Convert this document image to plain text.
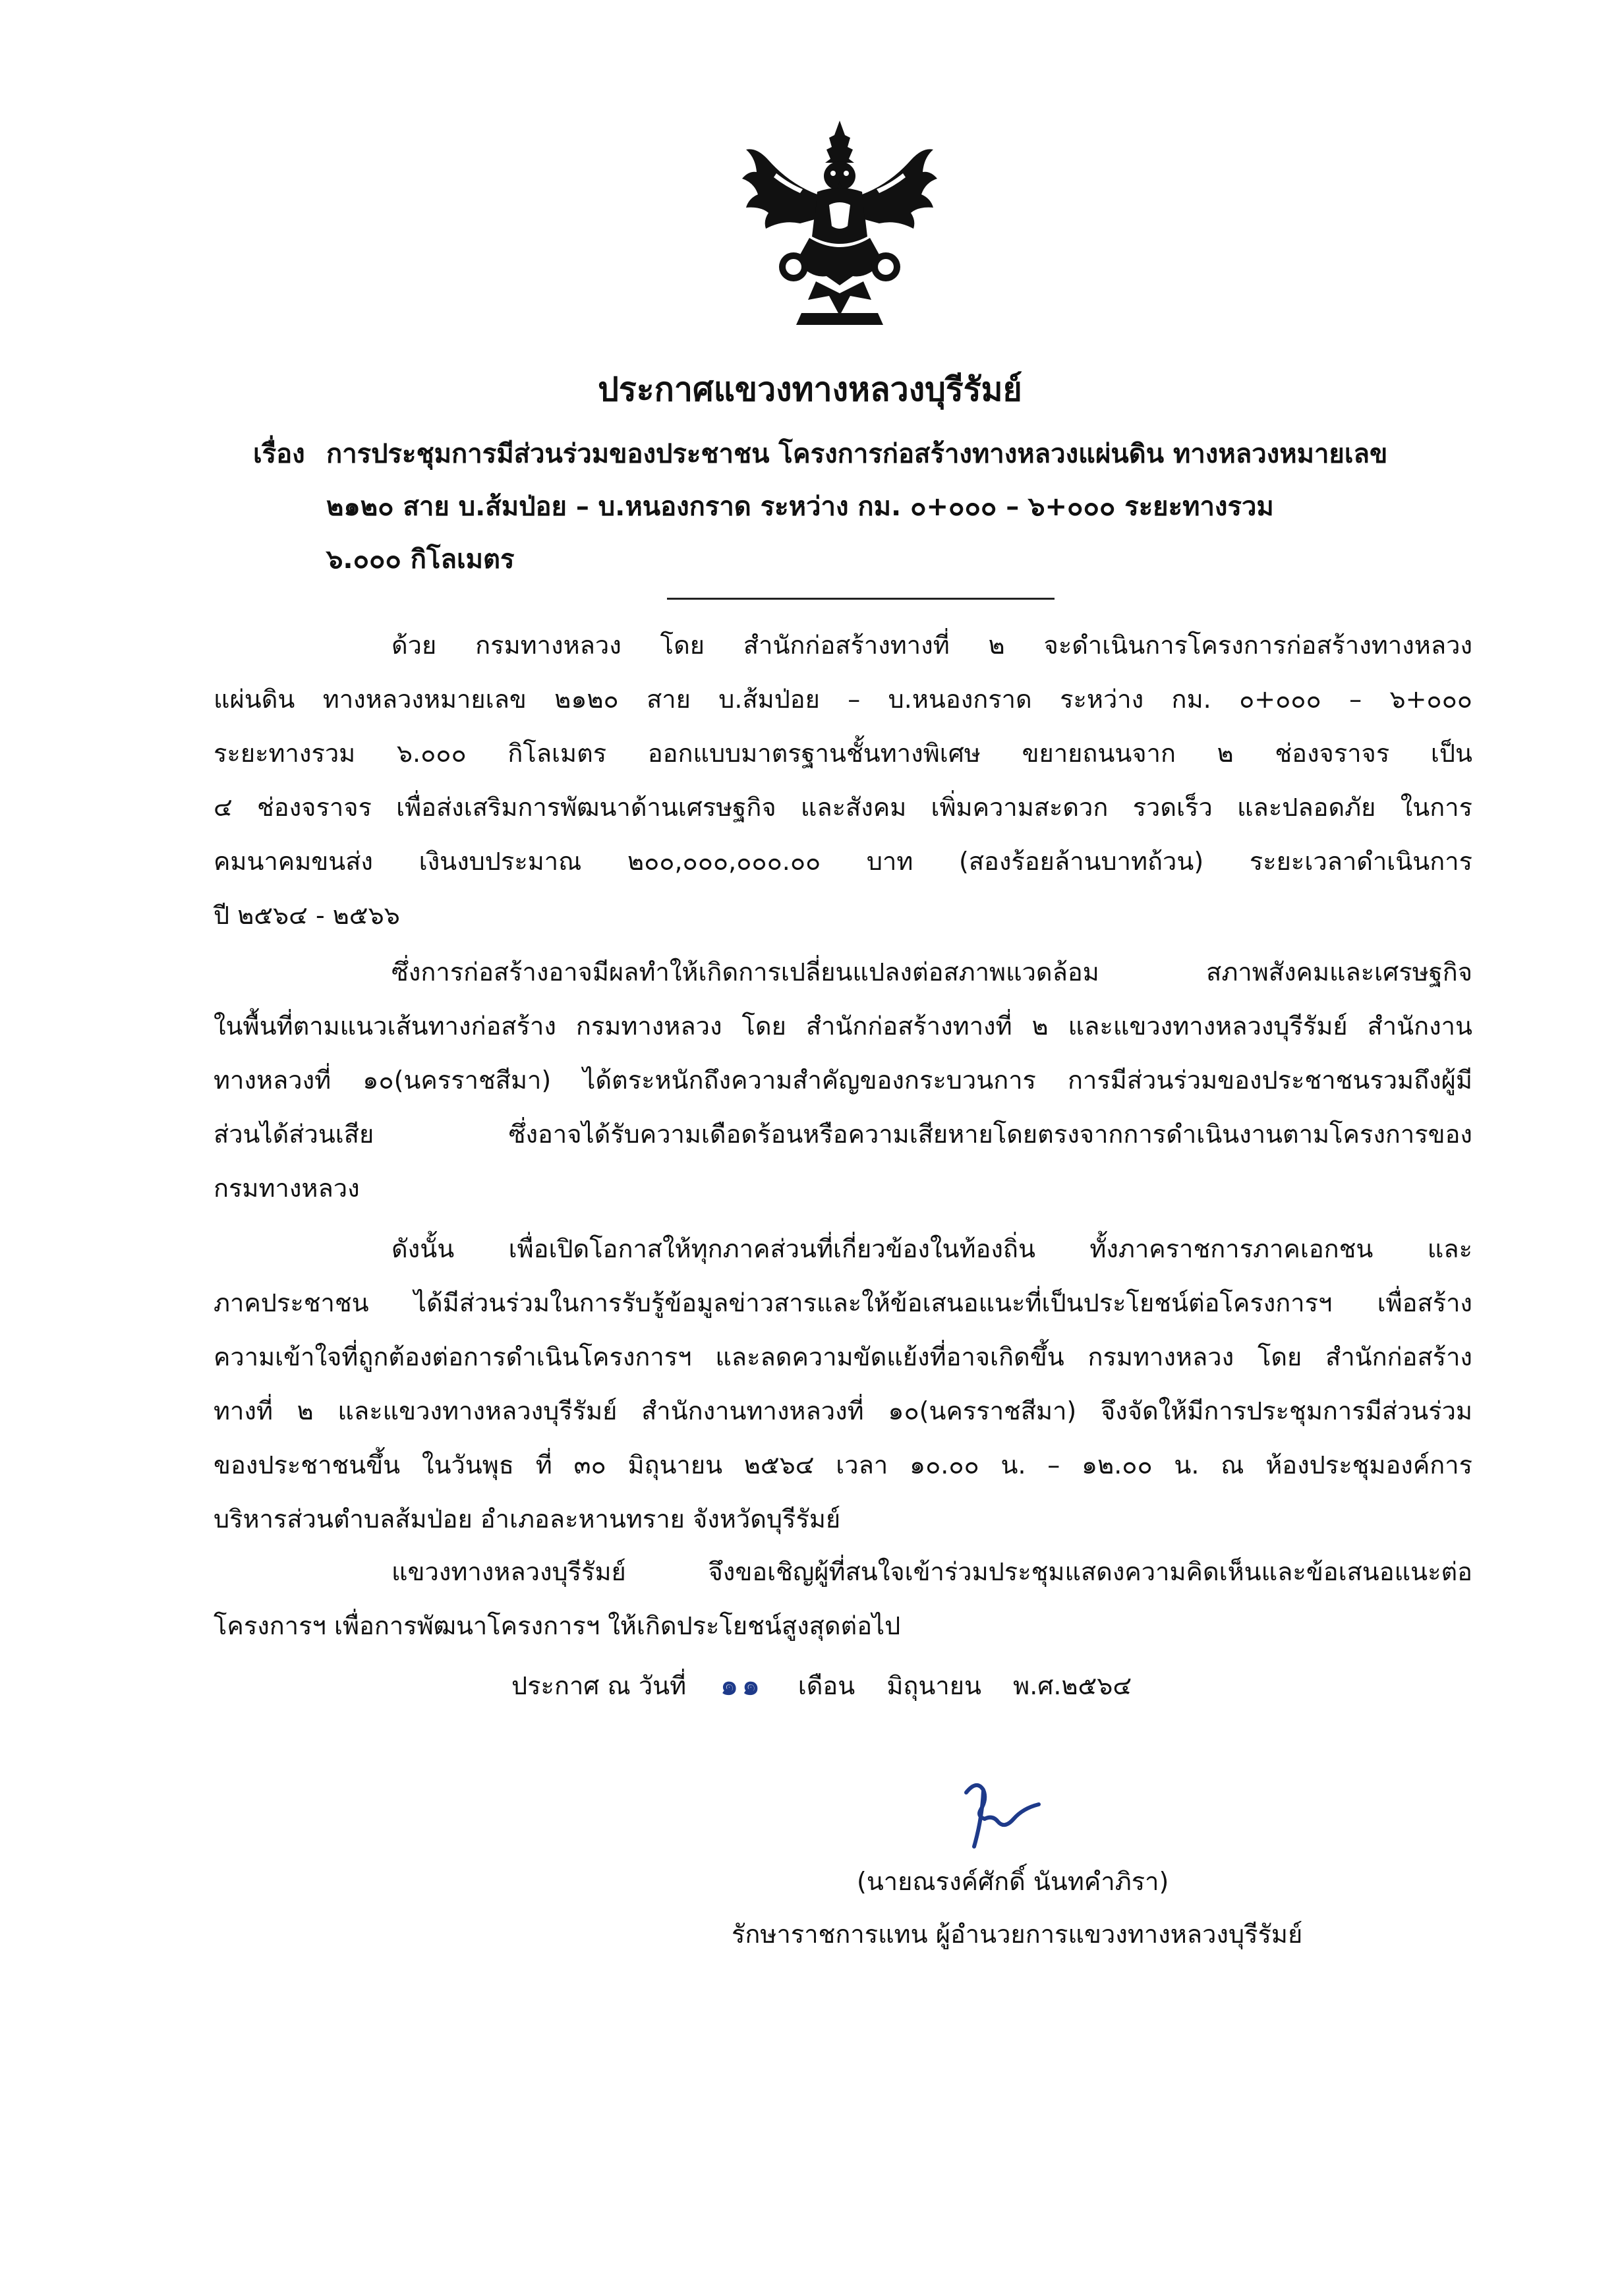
ประกาศแขวงทางหลวงบุรีรัมย์
เรื่อง การประชุมการมีส่วนร่วมของประชาชน โครงการก่อสร้างทางหลวงแผ่นดิน ทางหลวงหมายเลข
๒๑๒๐ สาย บ.ส้มป่อย – บ.หนองกราด ระหว่าง กม. ๐+๐๐๐ – ๖+๐๐๐ ระยะทางรวม
๖.๐๐๐ กิโลเมตร
ด้วย กรมทางหลวง โดย สำนักก่อสร้างทางที่ ๒ จะดำเนินการโครงการก่อสร้างทางหลวง
แผ่นดิน ทางหลวงหมายเลข ๒๑๒๐ สาย บ.ส้มป่อย – บ.หนองกราด ระหว่าง กม. ๐+๐๐๐ – ๖+๐๐๐
ระยะทางรวม ๖.๐๐๐ กิโลเมตร ออกแบบมาตรฐานชั้นทางพิเศษ ขยายถนนจาก ๒ ช่องจราจร เป็น
๔ ช่องจราจร เพื่อส่งเสริมการพัฒนาด้านเศรษฐกิจ และสังคม เพิ่มความสะดวก รวดเร็ว และปลอดภัย ในการ
คมนาคมขนส่ง เงินงบประมาณ ๒๐๐,๐๐๐,๐๐๐.๐๐ บาท (สองร้อยล้านบาทถ้วน) ระยะเวลาดำเนินการ
ปี ๒๕๖๔ - ๒๕๖๖
ซึ่งการก่อสร้างอาจมีผลทำให้เกิดการเปลี่ยนแปลงต่อสภาพแวดล้อม สภาพสังคมและเศรษฐกิจ
ในพื้นที่ตามแนวเส้นทางก่อสร้าง กรมทางหลวง โดย สำนักก่อสร้างทางที่ ๒ และแขวงทางหลวงบุรีรัมย์ สำนักงาน
ทางหลวงที่ ๑๐(นครราชสีมา) ได้ตระหนักถึงความสำคัญของกระบวนการ การมีส่วนร่วมของประชาชนรวมถึงผู้มี
ส่วนได้ส่วนเสีย ซึ่งอาจได้รับความเดือดร้อนหรือความเสียหายโดยตรงจากการดำเนินงานตามโครงการของ
กรมทางหลวง
ดังนั้น เพื่อเปิดโอกาสให้ทุกภาคส่วนที่เกี่ยวข้องในท้องถิ่น ทั้งภาคราชการภาคเอกชน และ
ภาคประชาชน ได้มีส่วนร่วมในการรับรู้ข้อมูลข่าวสารและให้ข้อเสนอแนะที่เป็นประโยชน์ต่อโครงการฯ เพื่อสร้าง
ความเข้าใจที่ถูกต้องต่อการดำเนินโครงการฯ และลดความขัดแย้งที่อาจเกิดขึ้น กรมทางหลวง โดย สำนักก่อสร้าง
ทางที่ ๒ และแขวงทางหลวงบุรีรัมย์ สำนักงานทางหลวงที่ ๑๐(นครราชสีมา) จึงจัดให้มีการประชุมการมีส่วนร่วม
ของประชาชนขึ้น ในวันพุธ ที่ ๓๐ มิถุนายน ๒๕๖๔ เวลา ๑๐.๐๐ น. – ๑๒.๐๐ น. ณ ห้องประชุมองค์การ
บริหารส่วนตำบลส้มป่อย อำเภอละหานทราย จังหวัดบุรีรัมย์
แขวงทางหลวงบุรีรัมย์ จึงขอเชิญผู้ที่สนใจเข้าร่วมประชุมแสดงความคิดเห็นและข้อเสนอแนะต่อ
โครงการฯ เพื่อการพัฒนาโครงการฯ ให้เกิดประโยชน์สูงสุดต่อไป
ประกาศ ณ วันที่ ๑๑ เดือน มิถุนายน พ.ศ.๒๕๖๔
(นายณรงค์ศักดิ์ นันทคำภิรา)
รักษาราชการแทน ผู้อำนวยการแขวงทางหลวงบุรีรัมย์
